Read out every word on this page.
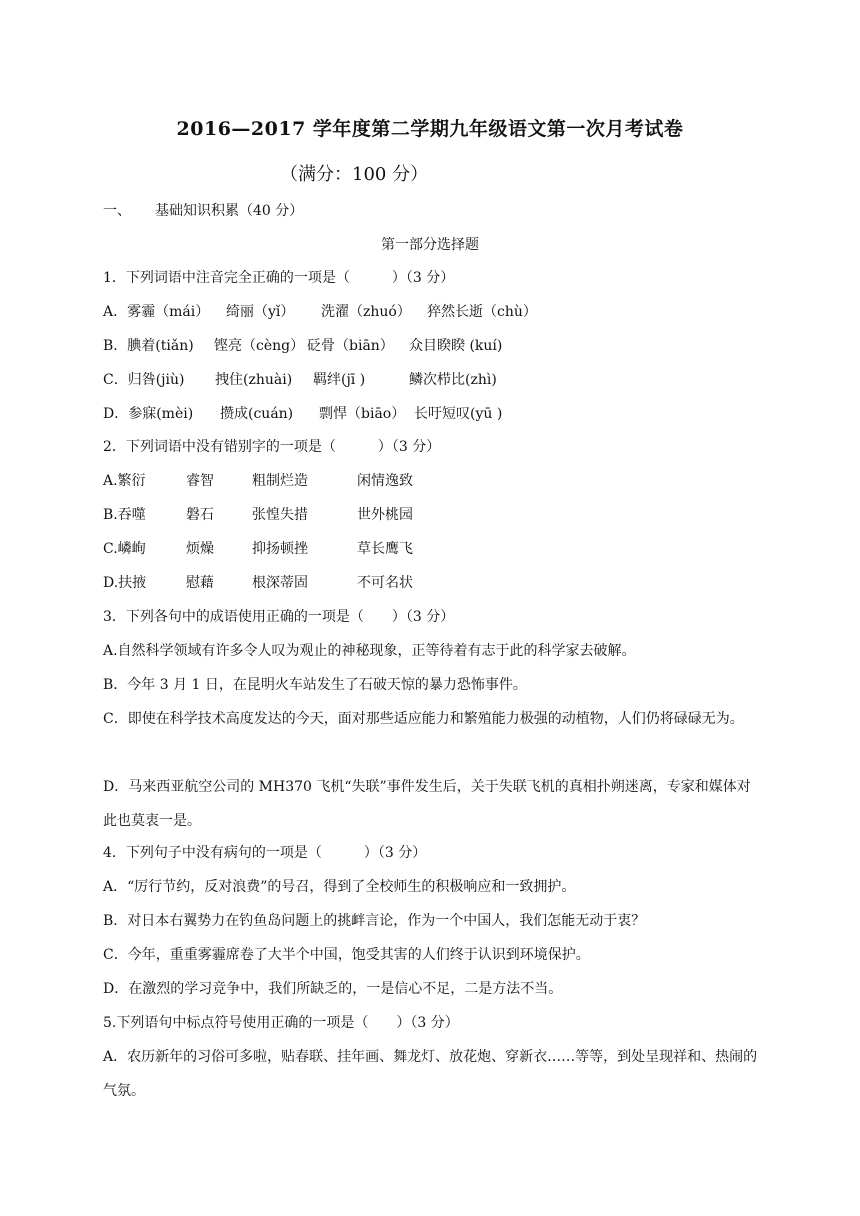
2016—2017 学年度第二学期九年级语文第一次月考试卷
（满分：100 分）
一、 基础知识积累（40 分）
第一部分选择题
1．下列词语中注音完全正确的一项是（　　　）（3 分）
A．雾霾（mái） 绮丽（yǐ） 洗濯（zhuó） 猝然长逝（chù）
B．腆着(tiǎn) 铿亮（cèng） 砭骨（biān） 众目睽睽 (kuí)
C．归咎(jiù) 拽住(zhuài) 羁绊(jī )	鳞次栉比(zhì)
D．参寐(mèi) 攒成(cuán) 剽悍（biāo） 长吁短叹(yū )
2．下列词语中没有错别字的一项是（　　　）（3 分）
A.繁衍	睿智	粗制烂造	闲情逸致
B.吞噬	磐石	张惶失措	世外桃园
C.嶙峋	烦燥	抑扬顿挫	草长鹰飞
D.扶掖	慰藉	根深蒂固	不可名状
3．下列各句中的成语使用正确的一项是（　　）（3 分）
A.自然科学领域有许多令人叹为观止的神秘现象，正等待着有志于此的科学家去破解。
B．今年 3 月 1 日，在昆明火车站发生了石破天惊的暴力恐怖事件。
C．即使在科学技术高度发达的今天，面对那些适应能力和繁殖能力极强的动植物，人们仍将碌碌无为。
D．马来西亚航空公司的 MH370 飞机“失联”事件发生后，关于失联飞机的真相扑朔迷离，专家和媒体对此也莫衷一是。
4．下列句子中没有病句的一项是（　　　）（3 分）
A．“厉行节约，反对浪费”的号召，得到了全校师生的积极响应和一致拥护。
B．对日本右翼势力在钓鱼岛问题上的挑衅言论，作为一个中国人，我们怎能无动于衷？
C．今年，重重雾霾席卷了大半个中国，饱受其害的人们终于认识到环境保护。
D．在激烈的学习竞争中，我们所缺乏的，一是信心不足，二是方法不当。
5.下列语句中标点符号使用正确的一项是（　　）（3 分）
A．农历新年的习俗可多啦，贴春联、挂年画、舞龙灯、放花炮、穿新衣……等等，到处呈现祥和、热闹的气氛。
